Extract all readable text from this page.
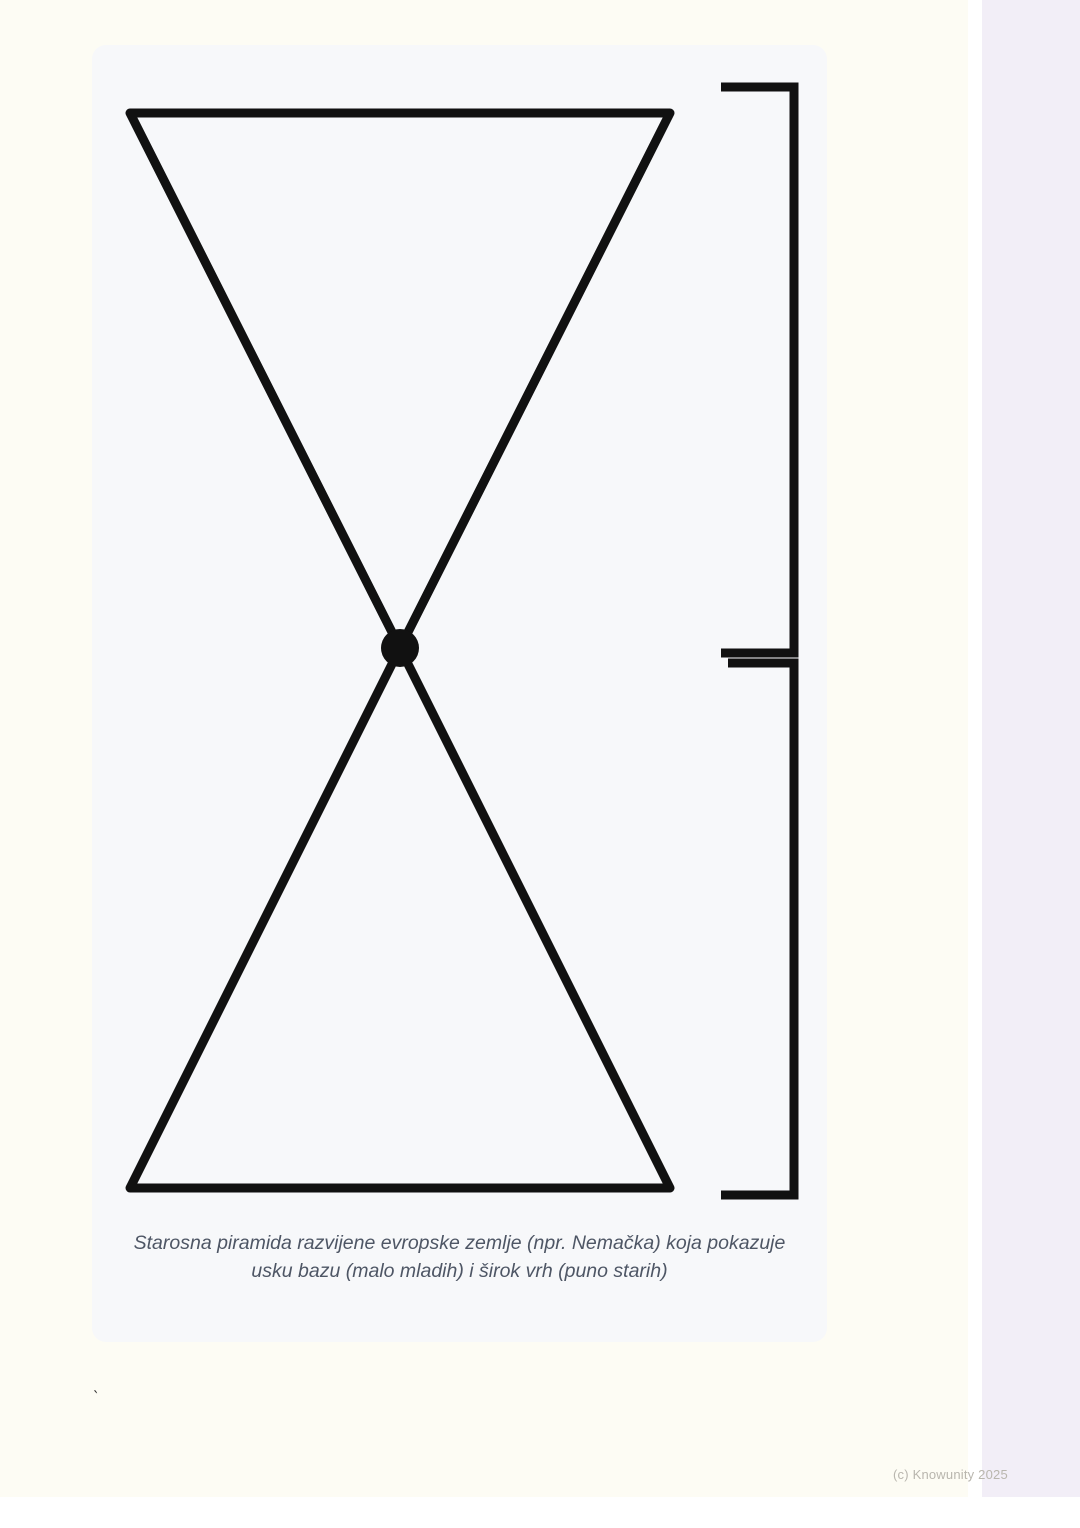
Starosna piramida razvijene evropske zemlje (npr. Nemačka) koja pokazuje
usku bazu (malo mladih) i širok vrh (puno starih)
`
(c) Knowunity 2025
